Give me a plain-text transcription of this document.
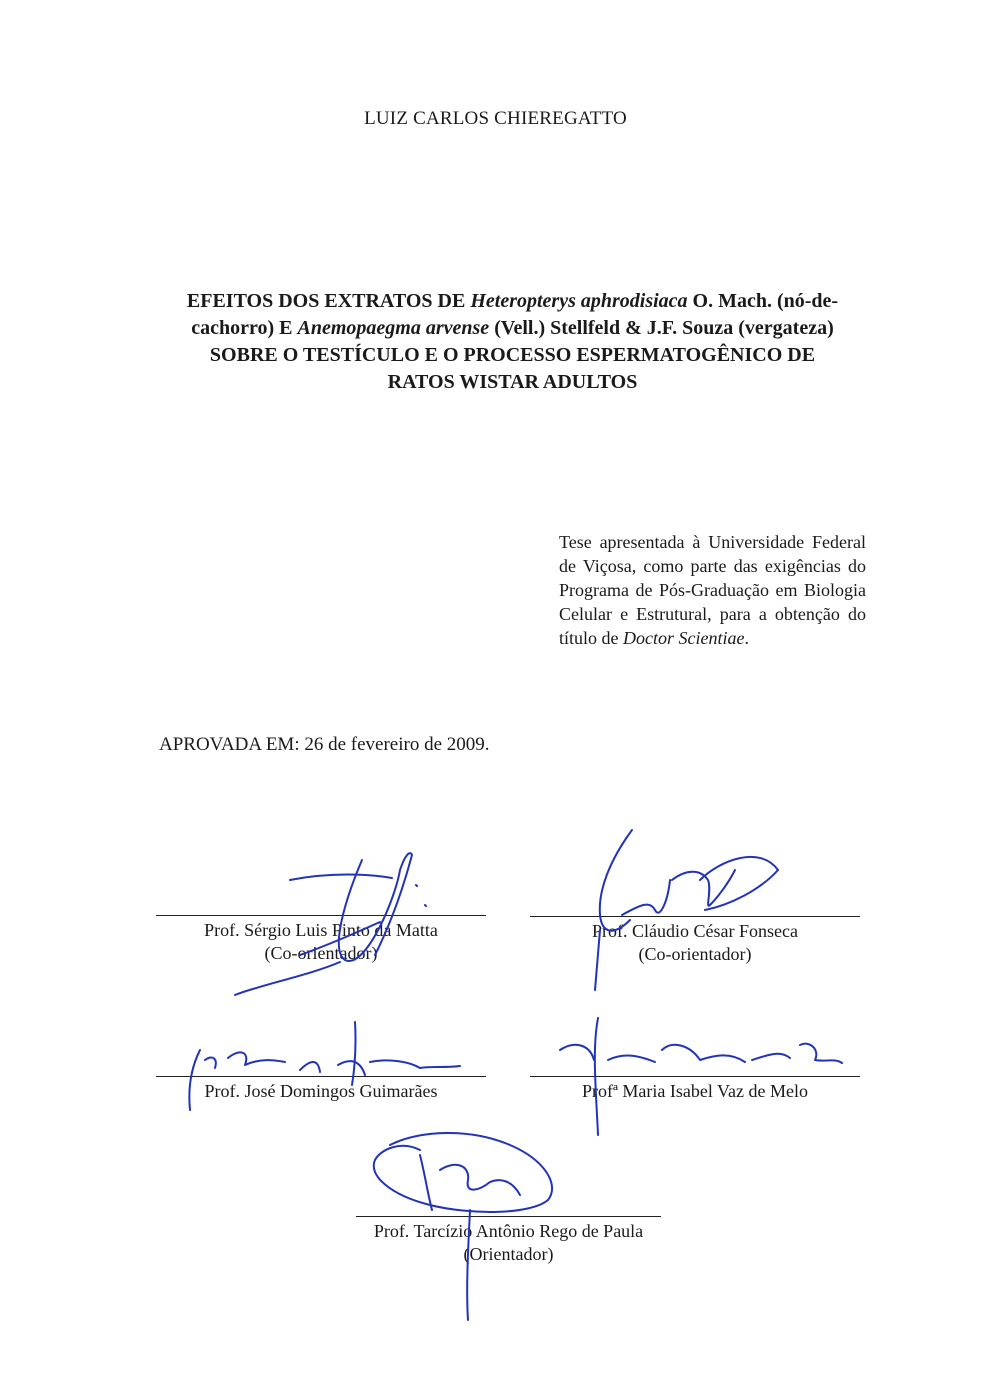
LUIZ CARLOS CHIEREGATTO
EFEITOS DOS EXTRATOS DE Heteropterys aphrodisiaca O. Mach. (nó-de-cachorro) E Anemopaegma arvense (Vell.) Stellfeld & J.F. Souza (vergateza) SOBRE O TESTÍCULO E O PROCESSO ESPERMATOGÊNICO DE RATOS WISTAR ADULTOS
Tese apresentada à Universidade Federal de Viçosa, como parte das exigências do Programa de Pós-Graduação em Biologia Celular e Estrutural, para a obtenção do título de Doctor Scientiae.
APROVADA EM: 26 de fevereiro de 2009.
Prof. Sérgio Luis Pinto da Matta
(Co-orientador)
Prof. Cláudio César Fonseca
(Co-orientador)
Prof. José Domingos Guimarães	Profª Maria Isabel Vaz de Melo
Prof. Tarcízio Antônio Rego de Paula
(Orientador)
